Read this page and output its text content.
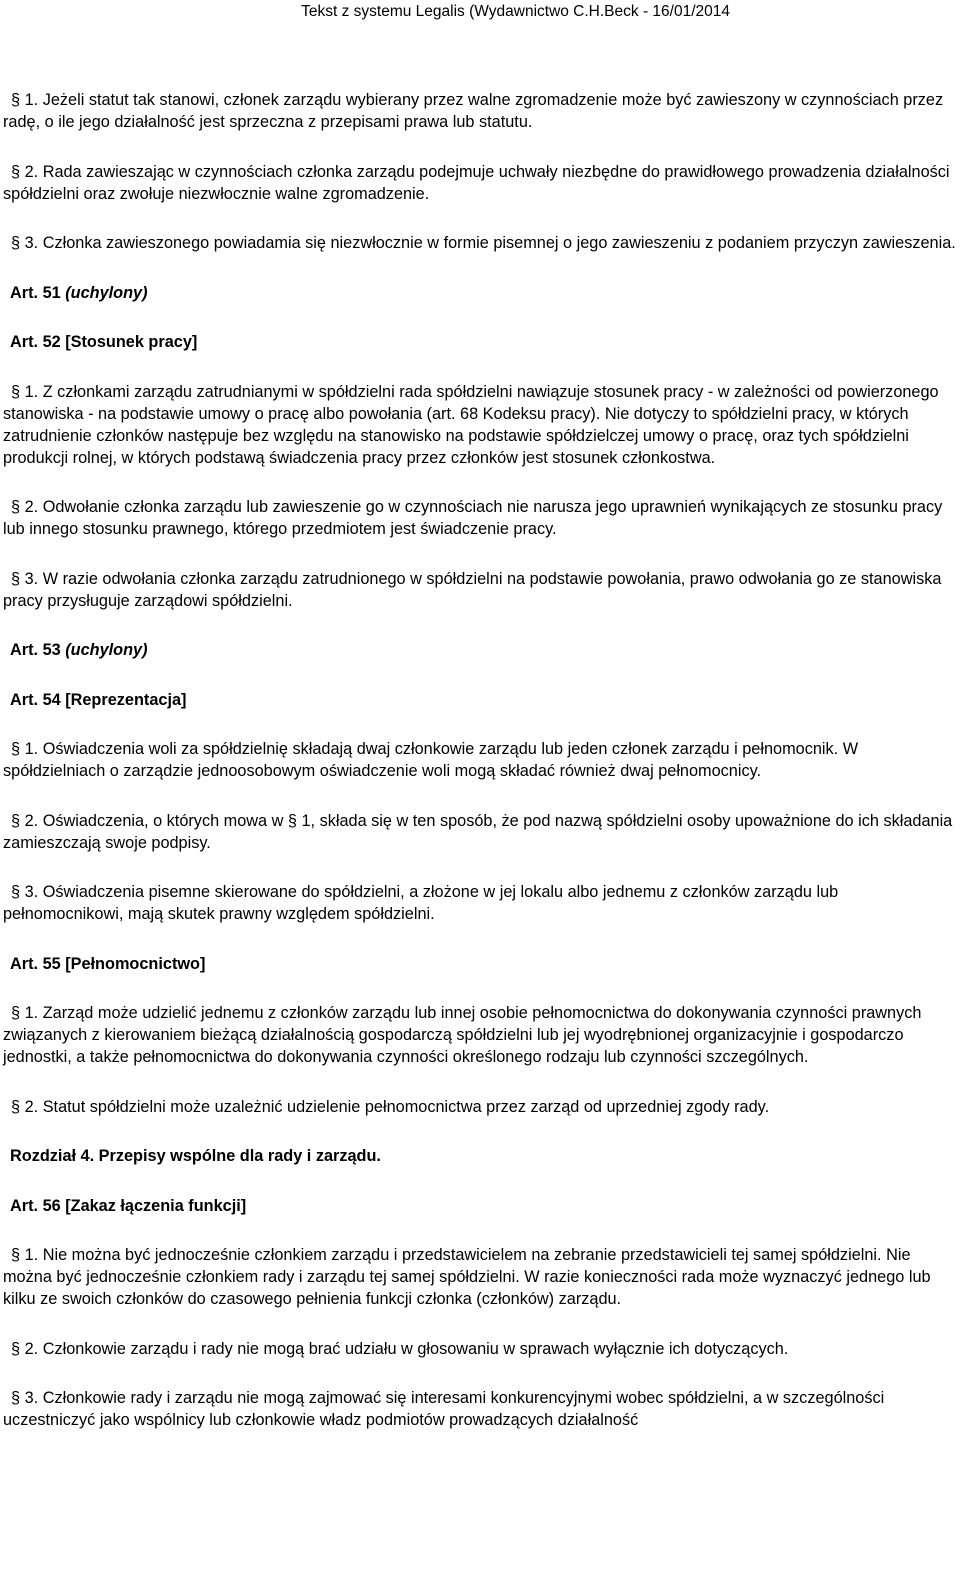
Tekst z systemu Legalis (Wydawnictwo C.H.Beck - 16/01/2014

§ 1. Jeżeli statut tak stanowi, członek zarządu wybierany przez walne zgromadzenie może być zawieszony w czynnościach przez radę, o ile jego działalność jest sprzeczna z przepisami prawa lub statutu.

§ 2. Rada zawieszając w czynnościach członka zarządu podejmuje uchwały niezbędne do prawidłowego prowadzenia działalności spółdzielni oraz zwołuje niezwłocznie walne zgromadzenie.

§ 3. Członka zawieszonego powiadamia się niezwłocznie w formie pisemnej o jego zawieszeniu z podaniem przyczyn zawieszenia.

Art. 51 (uchylony)
Art. 52 [Stosunek pracy]

§ 1. Z członkami zarządu zatrudnianymi w spółdzielni rada spółdzielni nawiązuje stosunek pracy - w zależności od powierzonego stanowiska - na podstawie umowy o pracę albo powołania (art. 68 Kodeksu pracy). Nie dotyczy to spółdzielni pracy, w których zatrudnienie członków następuje bez względu na stanowisko na podstawie spółdzielczej umowy o pracę, oraz tych spółdzielni produkcji rolnej, w których podstawą świadczenia pracy przez członków jest stosunek członkostwa.

§ 2. Odwołanie członka zarządu lub zawieszenie go w czynnościach nie narusza jego uprawnień wynikających ze stosunku pracy lub innego stosunku prawnego, którego przedmiotem jest świadczenie pracy.

§ 3. W razie odwołania członka zarządu zatrudnionego w spółdzielni na podstawie powołania, prawo odwołania go ze stanowiska pracy przysługuje zarządowi spółdzielni.

Art. 53 (uchylony)
Art. 54 [Reprezentacja]

§ 1. Oświadczenia woli za spółdzielnię składają dwaj członkowie zarządu lub jeden członek zarządu i pełnomocnik. W spółdzielniach o zarządzie jednoosobowym oświadczenie woli mogą składać również dwaj pełnomocnicy.

§ 2. Oświadczenia, o których mowa w § 1, składa się w ten sposób, że pod nazwą spółdzielni osoby upoważnione do ich składania zamieszczają swoje podpisy.

§ 3. Oświadczenia pisemne skierowane do spółdzielni, a złożone w jej lokalu albo jednemu z członków zarządu lub pełnomocnikowi, mają skutek prawny względem spółdzielni.

Art. 55 [Pełnomocnictwo]

§ 1. Zarząd może udzielić jednemu z członków zarządu lub innej osobie pełnomocnictwa do dokonywania czynności prawnych związanych z kierowaniem bieżącą działalnością gospodarczą spółdzielni lub jej wyodrębnionej organizacyjnie i gospodarczo jednostki, a także pełnomocnictwa do dokonywania czynności określonego rodzaju lub czynności szczególnych.

§ 2. Statut spółdzielni może uzależnić udzielenie pełnomocnictwa przez zarząd od uprzedniej zgody rady.

Rozdział 4. Przepisy wspólne dla rady i zarządu.
Art. 56 [Zakaz łączenia funkcji]

§ 1. Nie można być jednocześnie członkiem zarządu i przedstawicielem na zebranie przedstawicieli tej samej spółdzielni. Nie można być jednocześnie członkiem rady i zarządu tej samej spółdzielni. W razie konieczności rada może wyznaczyć jednego lub kilku ze swoich członków do czasowego pełnienia funkcji członka (członków) zarządu.

§ 2. Członkowie zarządu i rady nie mogą brać udziału w głosowaniu w sprawach wyłącznie ich dotyczących.

§ 3. Członkowie rady i zarządu nie mogą zajmować się interesami konkurencyjnymi wobec spółdzielni, a w szczególności uczestniczyć jako wspólnicy lub członkowie władz podmiotów prowadzących działalność
